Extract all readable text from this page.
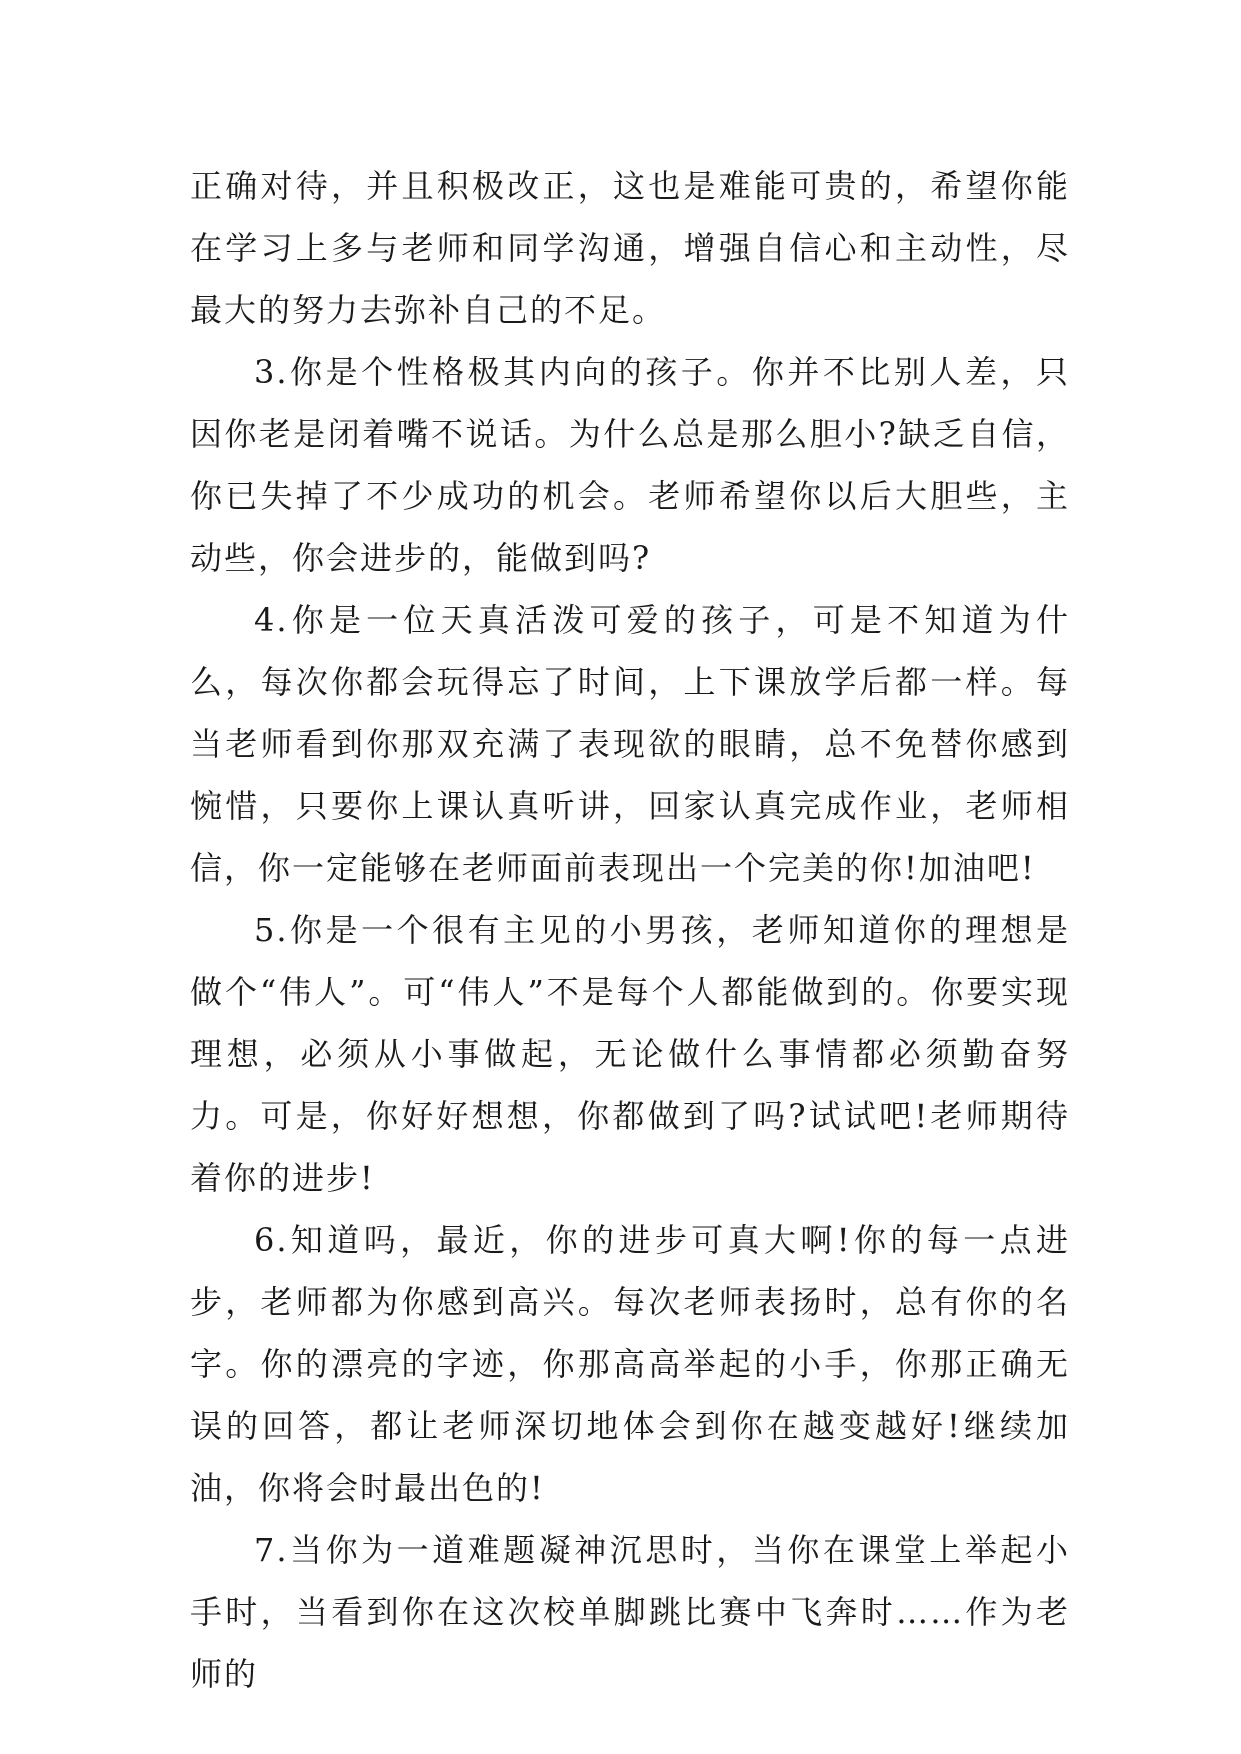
正确对待，并且积极改正，这也是难能可贵的，希望你能在学习上多与老师和同学沟通，增强自信心和主动性，尽最大的努力去弥补自己的不足。

3.你是个性格极其内向的孩子。你并不比别人差，只因你老是闭着嘴不说话。为什么总是那么胆小?缺乏自信，你已失掉了不少成功的机会。老师希望你以后大胆些，主动些，你会进步的，能做到吗?

4.你是一位天真活泼可爱的孩子，可是不知道为什么，每次你都会玩得忘了时间，上下课放学后都一样。每当老师看到你那双充满了表现欲的眼睛，总不免替你感到惋惜，只要你上课认真听讲，回家认真完成作业，老师相信，你一定能够在老师面前表现出一个完美的你!加油吧!

5.你是一个很有主见的小男孩，老师知道你的理想是做个“伟人”。可“伟人”不是每个人都能做到的。你要实现理想，必须从小事做起，无论做什么事情都必须勤奋努力。可是，你好好想想，你都做到了吗?试试吧!老师期待着你的进步!

6.知道吗，最近，你的进步可真大啊!你的每一点进步，老师都为你感到高兴。每次老师表扬时，总有你的名字。你的漂亮的字迹，你那高高举起的小手，你那正确无误的回答，都让老师深切地体会到你在越变越好!继续加油，你将会时最出色的!

7.当你为一道难题凝神沉思时，当你在课堂上举起小手时，当看到你在这次校单脚跳比赛中飞奔时……作为老师的
